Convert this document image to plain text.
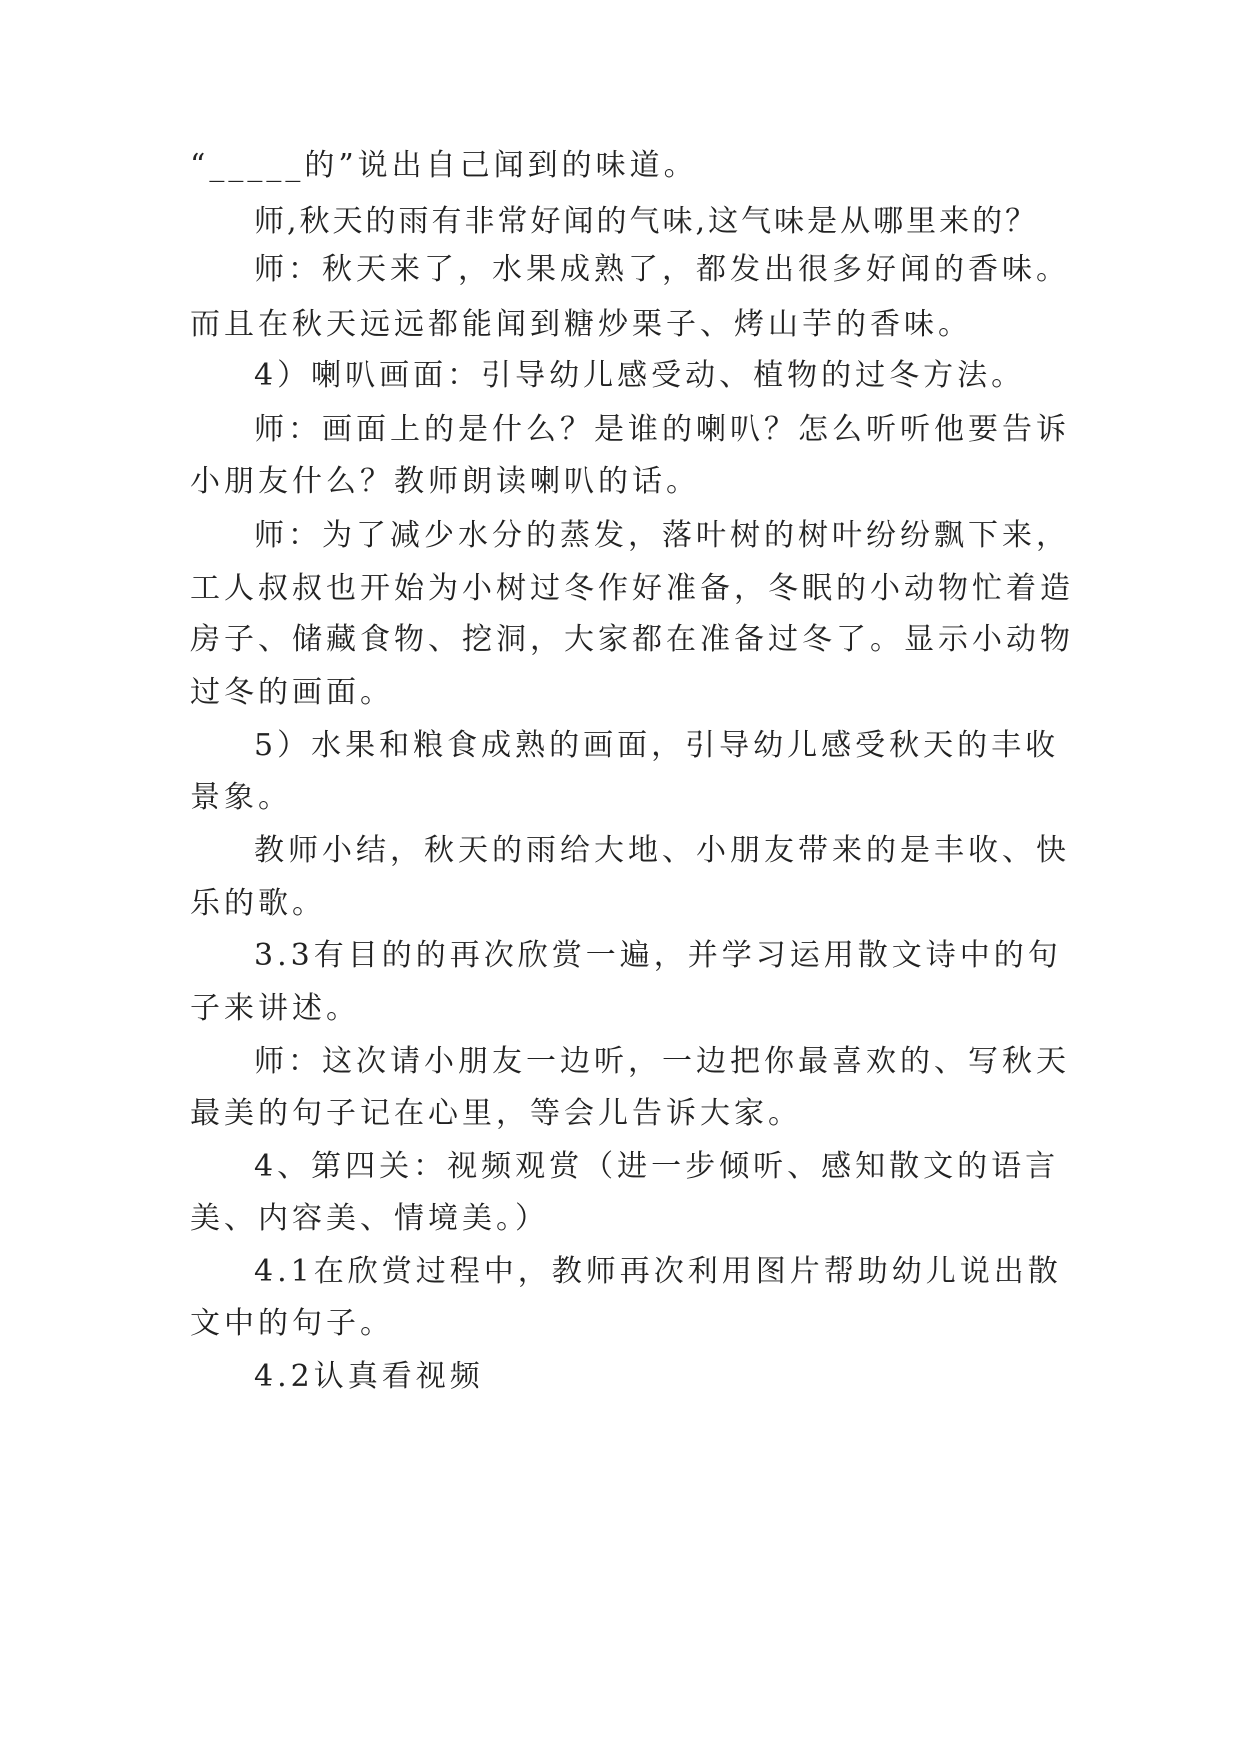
“_____的”说出自己闻到的味道。
师,秋天的雨有非常好闻的气味,这气味是从哪里来的？
师：秋天来了，水果成熟了，都发出很多好闻的香味。
而且在秋天远远都能闻到糖炒栗子、烤山芋的香味。
4）喇叭画面：引导幼儿感受动、植物的过冬方法。
师：画面上的是什么？是谁的喇叭？怎么听听他要告诉
小朋友什么？教师朗读喇叭的话。
师：为了减少水分的蒸发，落叶树的树叶纷纷飘下来，
工人叔叔也开始为小树过冬作好准备，冬眠的小动物忙着造
房子、储藏食物、挖洞，大家都在准备过冬了。显示小动物
过冬的画面。
5）水果和粮食成熟的画面，引导幼儿感受秋天的丰收
景象。
教师小结，秋天的雨给大地、小朋友带来的是丰收、快
乐的歌。
3.3有目的的再次欣赏一遍，并学习运用散文诗中的句
子来讲述。
师：这次请小朋友一边听，一边把你最喜欢的、写秋天
最美的句子记在心里，等会儿告诉大家。
4、第四关：视频观赏（进一步倾听、感知散文的语言
美、内容美、情境美。）
4.1在欣赏过程中，教师再次利用图片帮助幼儿说出散
文中的句子。
4.2认真看视频
